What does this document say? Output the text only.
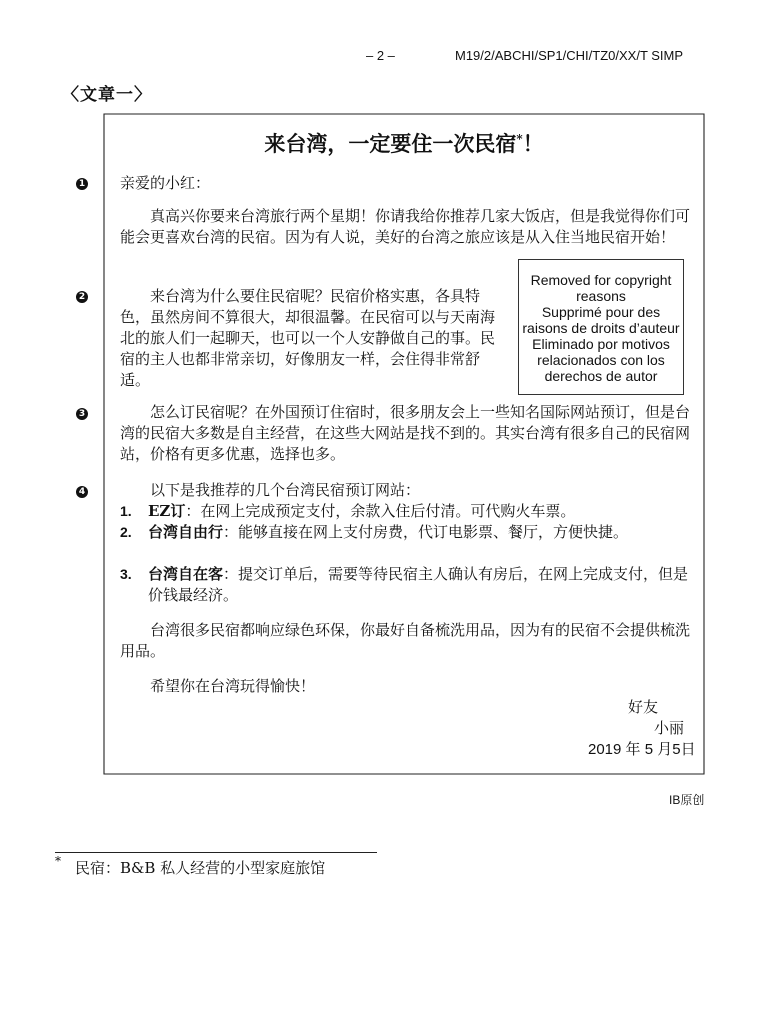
– 2 –	M19/2/ABCHI/SP1/CHI/TZ0/XX/T SIMP
〈文章一〉
来台湾，一定要住一次民宿*！
1
2
3
4

亲爱的小红：

真高兴你要来台湾旅行两个星期！你请我给你推荐几家大饭店，但是我觉得你们可能会更喜欢台湾的民宿。因为有人说，美好的台湾之旅应该是从入住当地民宿开始！

来台湾为什么要住民宿呢？民宿价格实惠，各具特色，虽然房间不算很大，却很温馨。在民宿可以与天南海北的旅人们一起聊天，也可以一个人安静做自己的事。民宿的主人也都非常亲切，好像朋友一样，会住得非常舒适。

Removed for copyright
reasons
Supprimé pour des
raisons de droits d’auteur
Eliminado por motivos
relacionados con los
derechos de autor

怎么订民宿呢？在外国预订住宿时，很多朋友会上一些知名国际网站预订，但是台湾的民宿大多数是自主经营，在这些大网站是找不到的。其实台湾有很多自己的民宿网站，价格有更多优惠，选择也多。

以下是我推荐的几个台湾民宿预订网站：

1. EZ订：在网上完成预定支付，余款入住后付清。可代购火车票。
2. 台湾自由行：能够直接在网上支付房费，代订电影票、餐厅，方便快捷。
3. 台湾自在客：提交订单后，需要等待民宿主人确认有房后，在网上完成支付，但是价钱最经济。

台湾很多民宿都响应绿色环保，你最好自备梳洗用品，因为有的民宿不会提供梳洗用品。

希望你在台湾玩得愉快！

好友
小丽
2019 年 5 月5日
IB原创
* 民宿：B&B 私人经营的小型家庭旅馆
